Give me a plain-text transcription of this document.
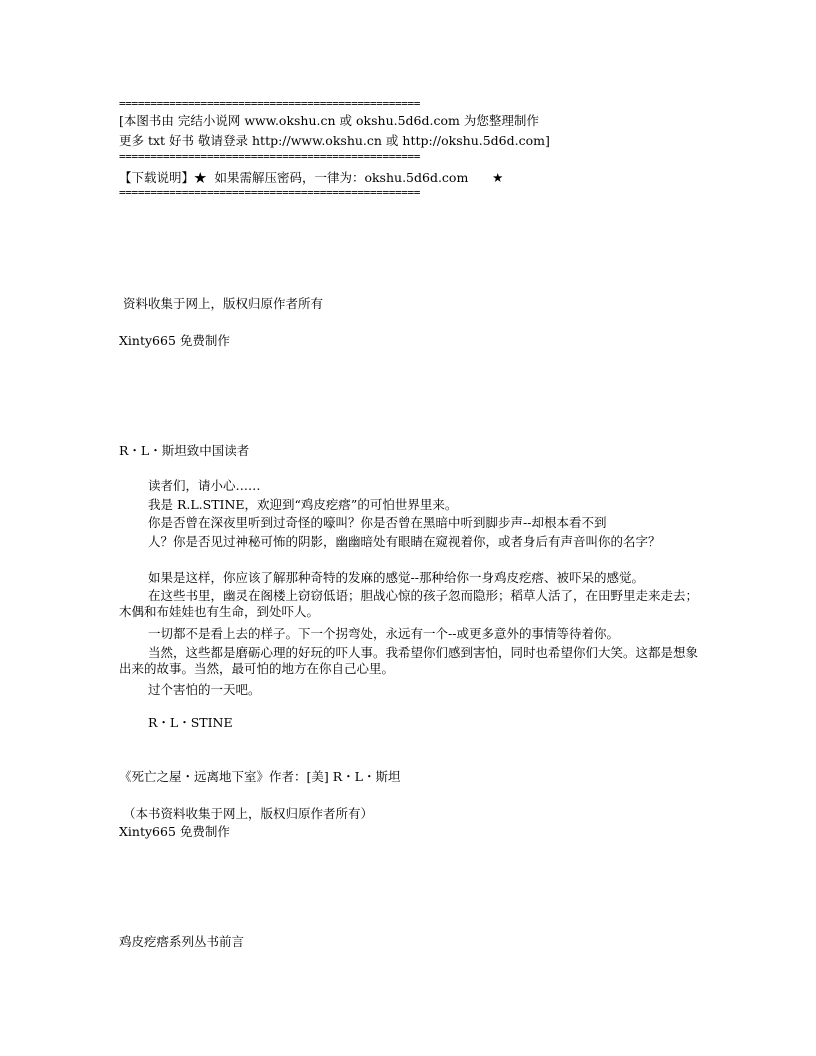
================================================
[本图书由 完结小说网 www.okshu.cn 或 okshu.5d6d.com 为您整理制作
更多 txt 好书 敬请登录 http://www.okshu.cn 或 http://okshu.5d6d.com]
================================================
【下载说明】★  如果需解压密码，一律为：okshu.5d6d.com      ★
================================================
资料收集于网上，版权归原作者所有
Xinty665 免费制作
R・L・斯坦致中国读者
读者们，请小心……
我是 R.L.STINE，欢迎到“鸡皮疙瘩”的可怕世界里来。
你是否曾在深夜里听到过奇怪的嚎叫？你是否曾在黑暗中听到脚步声--却根本看不到
人？你是否见过神秘可怖的阴影，幽幽暗处有眼睛在窥视着你，或者身后有声音叫你的名字？
如果是这样，你应该了解那种奇特的发麻的感觉--那种给你一身鸡皮疙瘩、被吓呆的感觉。
在这些书里，幽灵在阁楼上窃窃低语；胆战心惊的孩子忽而隐形；稻草人活了，在田野里走来走去；木偶和布娃娃也有生命，到处吓人。
一切都不是看上去的样子。下一个拐弯处，永远有一个--或更多意外的事情等待着你。
当然，这些都是磨砺心理的好玩的吓人事。我希望你们感到害怕，同时也希望你们大笑。这都是想象出来的故事。当然，最可怕的地方在你自己心里。
过个害怕的一天吧。
R・L・STINE
《死亡之屋・远离地下室》作者：[美] R・L・斯坦
（本书资料收集于网上，版权归原作者所有）
Xinty665 免费制作
鸡皮疙瘩系列丛书前言
